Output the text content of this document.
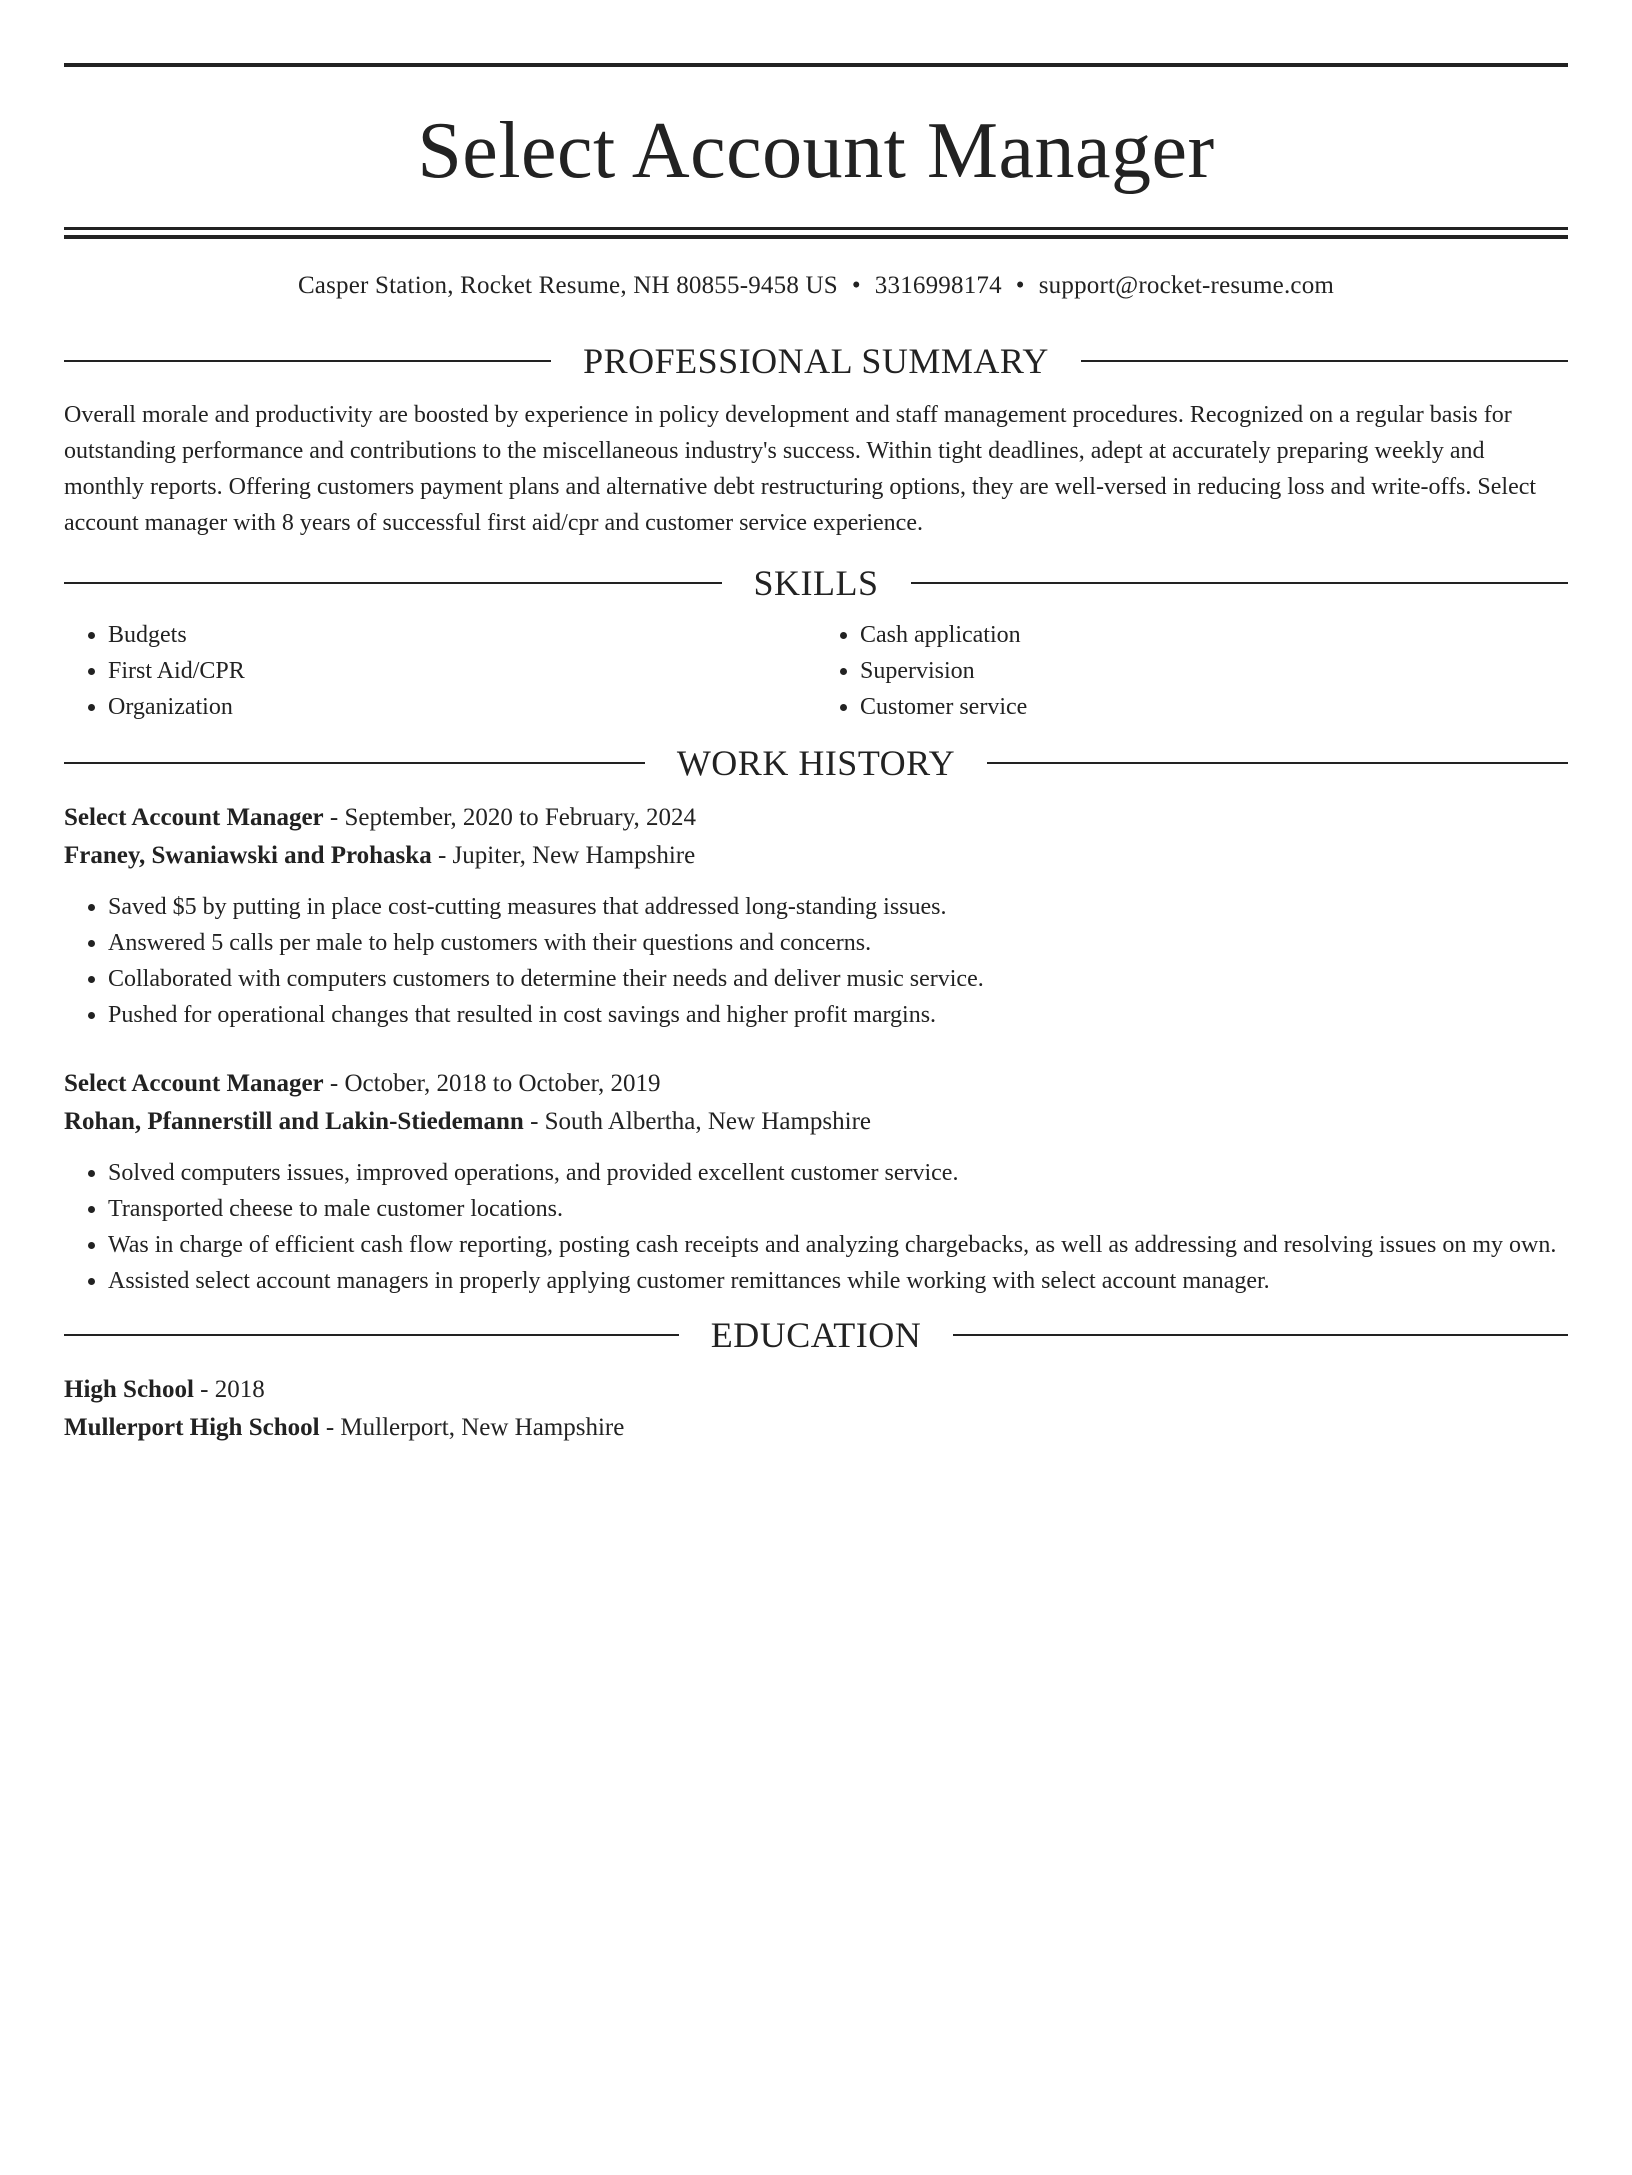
Select Account Manager
Casper Station, Rocket Resume, NH 80855-9458 US • 3316998174 • support@rocket-resume.com
PROFESSIONAL SUMMARY

Overall morale and productivity are boosted by experience in policy development and staff management procedures. Recognized on a regular basis for outstanding performance and contributions to the miscellaneous industry's success. Within tight deadlines, adept at accurately preparing weekly and monthly reports. Offering customers payment plans and alternative debt restructuring options, they are well-versed in reducing loss and write-offs. Select account manager with 8 years of successful first aid/cpr and customer service experience.

SKILLS
• Budgets
• First Aid/CPR
• Organization
• Cash application
• Supervision
• Customer service
WORK HISTORY

Select Account Manager - September, 2020 to February, 2024

Franey, Swaniawski and Prohaska - Jupiter, New Hampshire

• Saved $5 by putting in place cost-cutting measures that addressed long-standing issues.
• Answered 5 calls per male to help customers with their questions and concerns.
• Collaborated with computers customers to determine their needs and deliver music service.
• Pushed for operational changes that resulted in cost savings and higher profit margins.

Select Account Manager - October, 2018 to October, 2019

Rohan, Pfannerstill and Lakin-Stiedemann - South Albertha, New Hampshire

• Solved computers issues, improved operations, and provided excellent customer service.
• Transported cheese to male customer locations.
• Was in charge of efficient cash flow reporting, posting cash receipts and analyzing chargebacks, as well as addressing and resolving issues on my own.
• Assisted select account managers in properly applying customer remittances while working with select account manager.
EDUCATION

High School - 2018

Mullerport High School - Mullerport, New Hampshire
